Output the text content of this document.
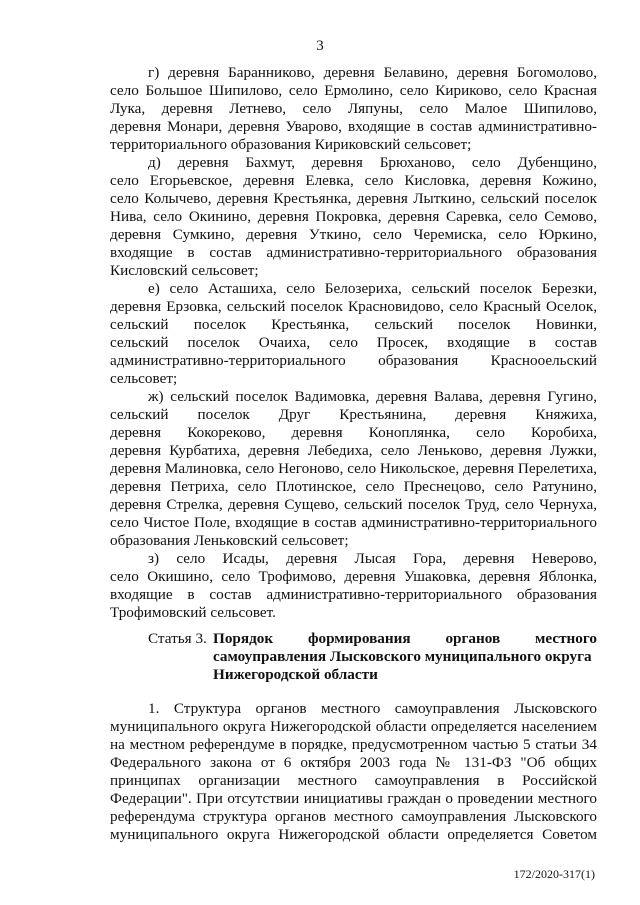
3
г) деревня Баранниково, деревня Белавино, деревня Богомолово,
село Большое Шипилово, село Ермолино, село Кириково, село Красная
Лука, деревня Летнево, село Ляпуны, село Малое Шипилово,
деревня Монари, деревня Уварово, входящие в состав административно-
территориального образования Кириковский сельсовет;
д) деревня Бахмут, деревня Брюханово, село Дубенщино,
село Егорьевское, деревня Елевка, село Кисловка, деревня Кожино,
село Колычево, деревня Крестьянка, деревня Лыткино, сельский поселок
Нива, село Окинино, деревня Покровка, деревня Саревка, село Семово,
деревня Сумкино, деревня Уткино, село Черемиска, село Юркино,
входящие в состав административно-территориального образования
Кисловский сельсовет;
е) село Асташиха, село Белозериха, сельский поселок Березки,
деревня Ерзовка, сельский поселок Красновидово, село Красный Оселок,
сельский поселок Крестьянка, сельский поселок Новинки,
сельский поселок Очаиха, село Просек, входящие в состав
административно-территориального образования Краснооельский
сельсовет;
ж) сельский поселок Вадимовка, деревня Валава, деревня Гугино,
сельский поселок Друг Крестьянина, деревня Княжиха,
деревня Кокореково, деревня Коноплянка, село Коробиха,
деревня Курбатиха, деревня Лебедиха, село Леньково, деревня Лужки,
деревня Малиновка, село Негоново, село Никольское, деревня Перелетиха,
деревня Петриха, село Плотинское, село Преснецово, село Ратунино,
деревня Стрелка, деревня Сущево, сельский поселок Труд, село Чернуха,
село Чистое Поле, входящие в состав административно-территориального
образования Леньковский сельсовет;
з) село Исады, деревня Лысая Гора, деревня Неверово,
село Окишино, село Трофимово, деревня Ушаковка, деревня Яблонка,
входящие в состав административно-территориального образования
Трофимовский сельсовет.
Статья 3. Порядок формирования органов местного
самоуправления Лысковского муниципального округа
Нижегородской области
1. Структура органов местного самоуправления Лысковского
муниципального округа Нижегородской области определяется населением
на местном референдуме в порядке, предусмотренном частью 5 статьи 34
Федерального закона от 6 октября 2003 года № 131-ФЗ "Об общих
принципах организации местного самоуправления в Российской
Федерации". При отсутствии инициативы граждан о проведении местного
референдума структура органов местного самоуправления Лысковского
муниципального округа Нижегородской области определяется Советом
172/2020-317(1)
